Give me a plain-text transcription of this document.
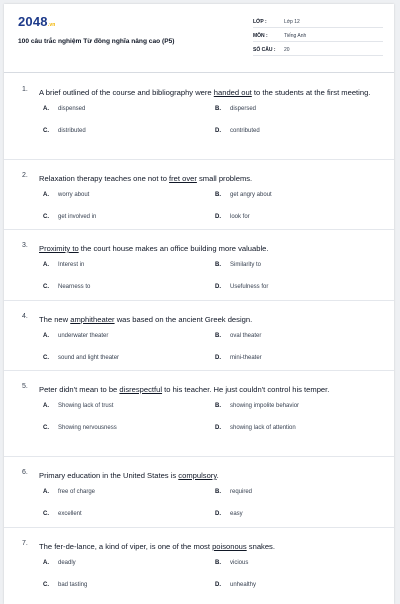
2048.vn
100 câu trắc nghiệm Từ đồng nghĩa nâng cao (P5)
LỚP :	Lớp 12
MÔN :	Tiếng Anh
SỐ CÂU :	20
1.	A brief outlined of the course and bibliography were handed out to the students at the first meeting.
A.	dispensed	B.	dispersed
C.	distributed	D.	contributed
2.	Relaxation therapy teaches one not to fret over small problems.
A.	worry about	B.	get angry about
C.	get involved in	D.	look for
3.	Proximity to the court house makes an office building more valuable.
A.	Interest in	B.	Similarity to
C.	Nearness to	D.	Usefulness for
4.	The new amphitheater was based on the ancient Greek design.
A.	underwater theater	B.	oval theater
C.	sound and light theater	D.	mini-theater
5.	Peter didn't mean to be disrespectful to his teacher. He just couldn't control his temper.
A.	Showing lack of trust	B.	showing impolite behavior
C.	Showing nervousness	D.	showing lack of attention
6.	Primary education in the United States is compulsory.
A.	free of charge	B.	required
C.	excellent	D.	easy
7.	The fer-de-lance, a kind of viper, is one of the most poisonous snakes.
A.	deadly	B.	vicious
C.	bad tasting	D.	unhealthy
